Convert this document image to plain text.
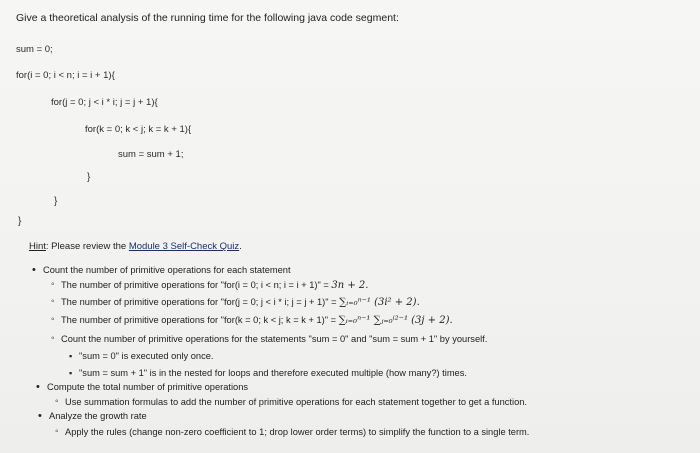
Give a theoretical analysis of the running time for the following java code segment:
sum = 0;
for(i = 0; i < n; i = i + 1){
for(j = 0; j < i * i; j = j + 1){
for(k = 0; k < j; k = k + 1){
sum = sum + 1;
}
}
}
Hint: Please review the Module 3 Self-Check Quiz.
• Count the number of primitive operations for each statement
◦ The number of primitive operations for "for(i = 0; i < n; i = i + 1)" = 3n + 2.
◦ The number of primitive operations for "for(j = 0; j < i * i; j = j + 1)" = ∑ᵢ₌₀ⁿ⁻¹ (3i² + 2).
◦ The number of primitive operations for "for(k = 0; k < j; k = k + 1)" = ∑ᵢ₌₀ⁿ⁻¹ ∑ⱼ₌₀ⁱ²⁻¹ (3j + 2).
◦ Count the number of primitive operations for the statements "sum = 0" and "sum = sum + 1" by yourself.
▪ "sum = 0" is executed only once.
▪ "sum = sum + 1" is in the nested for loops and therefore executed multiple (how many?) times.
• Compute the total number of primitive operations
◦ Use summation formulas to add the number of primitive operations for each statement together to get a function.
• Analyze the growth rate
◦ Apply the rules (change non-zero coefficient to 1; drop lower order terms) to simplify the function to a single term.
